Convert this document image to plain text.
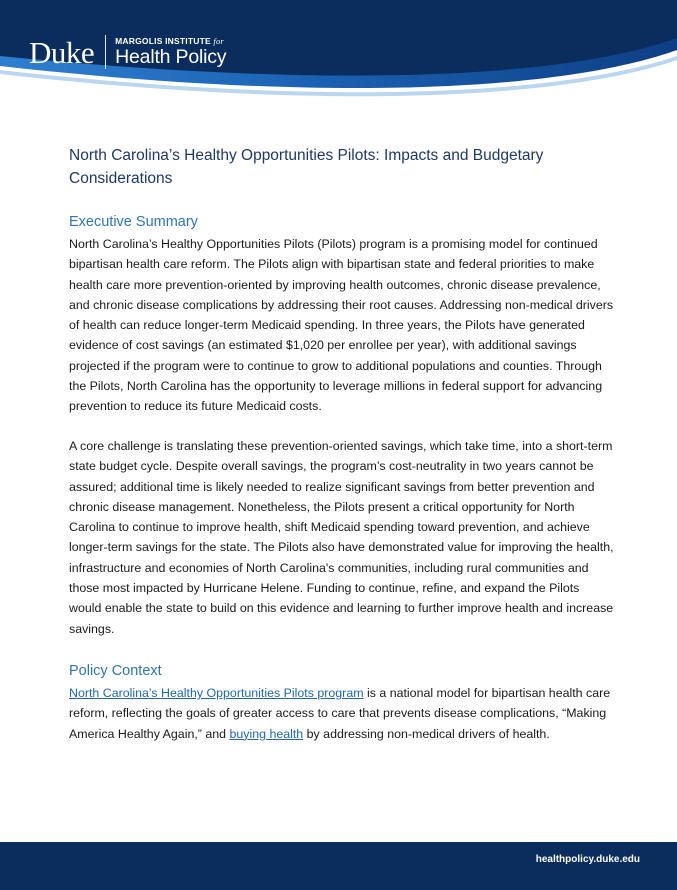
Duke MARGOLIS INSTITUTE for
Health Policy
North Carolina’s Healthy Opportunities Pilots: Impacts and Budgetary Considerations
Executive Summary
North Carolina’s Healthy Opportunities Pilots (Pilots) program is a promising model for continued bipartisan health care reform. The Pilots align with bipartisan state and federal priorities to make health care more prevention-oriented by improving health outcomes, chronic disease prevalence, and chronic disease complications by addressing their root causes. Addressing non-medical drivers of health can reduce longer-term Medicaid spending. In three years, the Pilots have generated evidence of cost savings (an estimated $1,020 per enrollee per year), with additional savings projected if the program were to continue to grow to additional populations and counties. Through the Pilots, North Carolina has the opportunity to leverage millions in federal support for advancing prevention to reduce its future Medicaid costs.
A core challenge is translating these prevention-oriented savings, which take time, into a short-term state budget cycle. Despite overall savings, the program’s cost-neutrality in two years cannot be assured; additional time is likely needed to realize significant savings from better prevention and chronic disease management. Nonetheless, the Pilots present a critical opportunity for North Carolina to continue to improve health, shift Medicaid spending toward prevention, and achieve longer-term savings for the state. The Pilots also have demonstrated value for improving the health, infrastructure and economies of North Carolina's communities, including rural communities and those most impacted by Hurricane Helene. Funding to continue, refine, and expand the Pilots would enable the state to build on this evidence and learning to further improve health and increase savings.
Policy Context
North Carolina’s Healthy Opportunities Pilots program is a national model for bipartisan health care reform, reflecting the goals of greater access to care that prevents disease complications, “Making America Healthy Again,” and buying health by addressing non-medical drivers of health.
healthpolicy.duke.edu
